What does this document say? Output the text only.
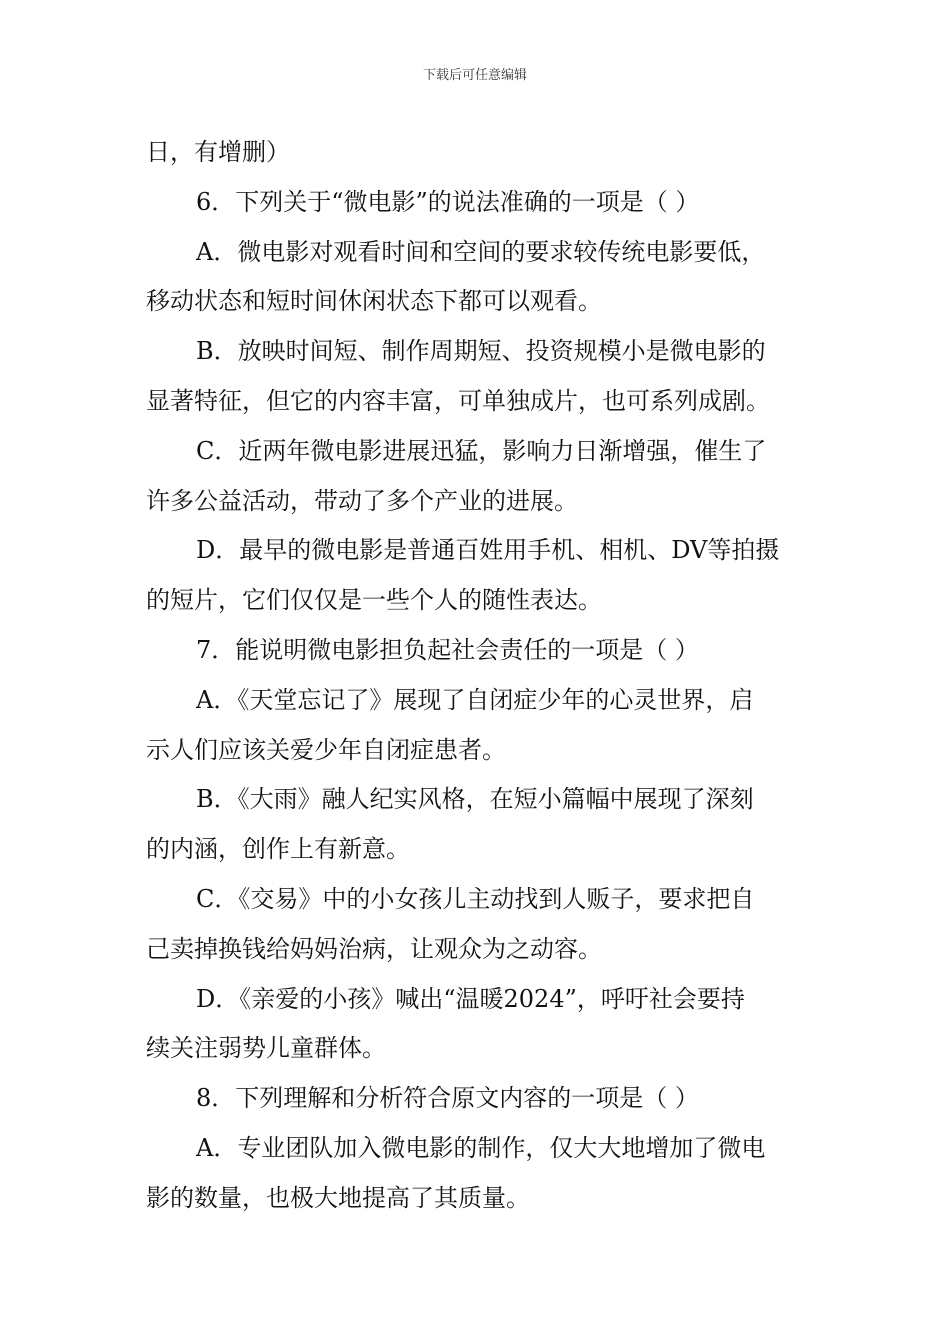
下载后可任意编辑
日，有增删）
6．下列关于“微电影”的说法准确的一项是（ ）
A．微电影对观看时间和空间的要求较传统电影要低，
移动状态和短时间休闲状态下都可以观看。
B．放映时间短、制作周期短、投资规模小是微电影的
显著特征，但它的内容丰富，可单独成片，也可系列成剧。
C．近两年微电影进展迅猛，影响力日渐增强，催生了
许多公益活动，带动了多个产业的进展。
D．最早的微电影是普通百姓用手机、相机、DV等拍摄
的短片，它们仅仅是一些个人的随性表达。
7．能说明微电影担负起社会责任的一项是（ ）
A．《天堂忘记了》展现了自闭症少年的心灵世界，启
示人们应该关爱少年自闭症患者。
B．《大雨》融人纪实风格，在短小篇幅中展现了深刻
的内涵，创作上有新意。
C．《交易》中的小女孩儿主动找到人贩子，要求把自
己卖掉换钱给妈妈治病，让观众为之动容。
D．《亲爱的小孩》喊出“温暖2024”，呼吁社会要持
续关注弱势儿童群体。
8．下列理解和分析符合原文内容的一项是（ ）
A．专业团队加入微电影的制作，仅大大地增加了微电
影的数量，也极大地提高了其质量。
